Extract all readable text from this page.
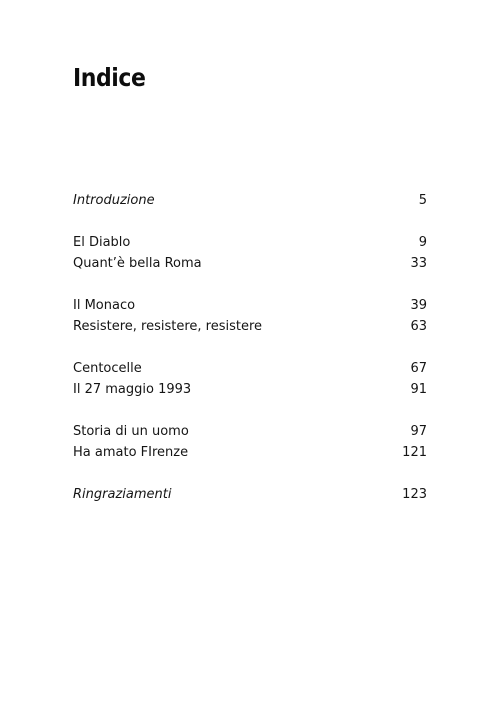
Indice
Introduzione	5
El Diablo	9
Quant’è bella Roma	33
Il Monaco	39
Resistere, resistere, resistere	63
Centocelle	67
Il 27 maggio 1993	91
Storia di un uomo	97
Ha amato FIrenze	121
Ringraziamenti	123
